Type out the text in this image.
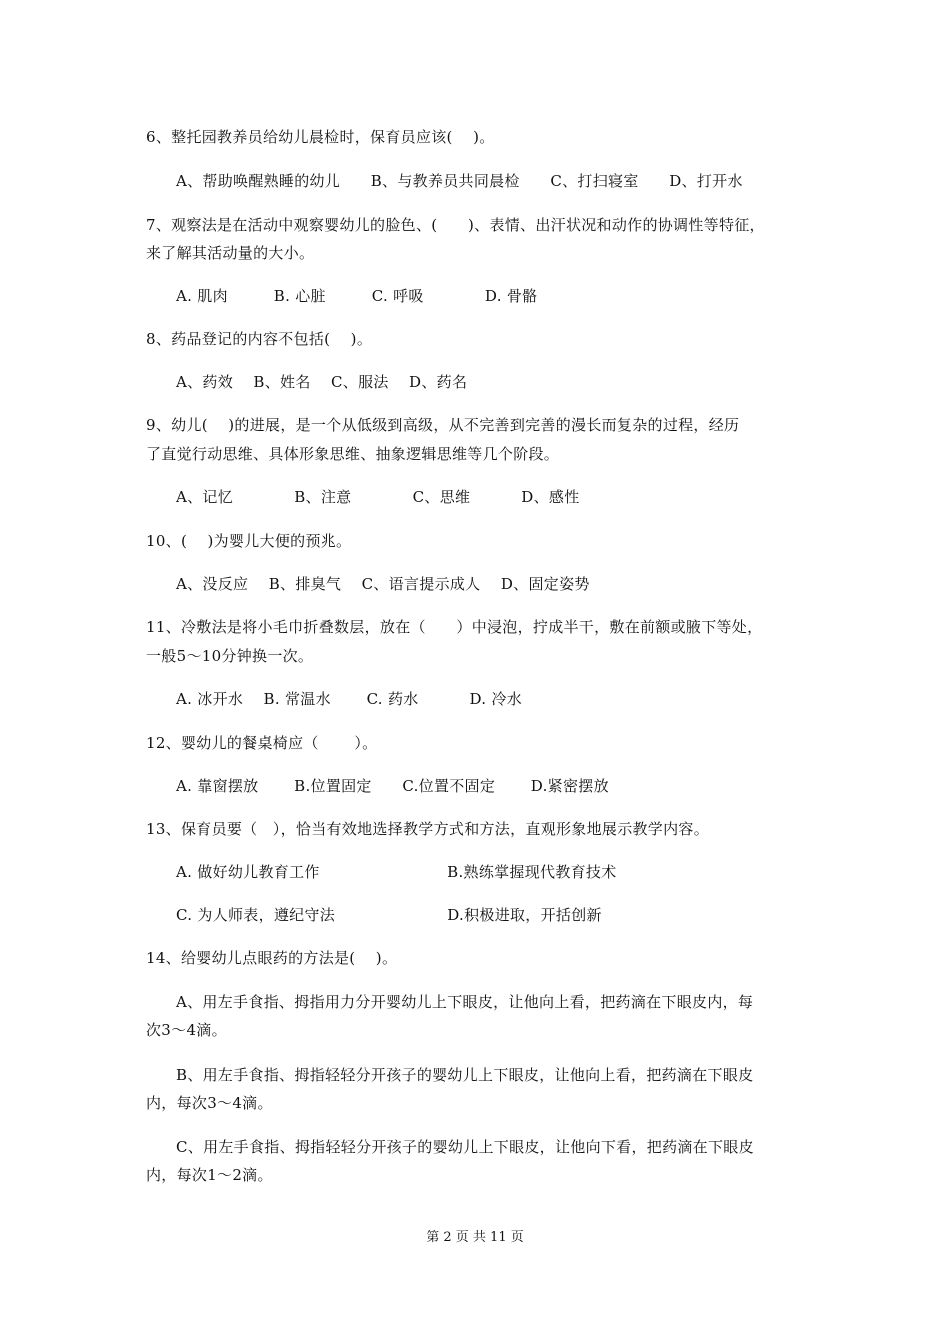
6、整托园教养员给幼儿晨检时，保育员应该(　 )。
A、帮助唤醒熟睡的幼儿　　B、与教养员共同晨检　　C、打扫寝室　　D、打开水
7、观察法是在活动中观察婴幼儿的脸色、(　　)、表情、出汗状况和动作的协调性等特征，
来了解其活动量的大小。
A. 肌肉　　　B. 心脏　　　C. 呼吸　　　　D. 骨骼
8、药品登记的内容不包括(　 )。
A、药效　 B、姓名　 C、服法　 D、药名
9、幼儿(　 )的进展，是一个从低级到高级，从不完善到完善的漫长而复杂的过程，经历
了直觉行动思维、具体形象思维、抽象逻辑思维等几个阶段。
A、记忆　　　　B、注意　　　　C、思维　　　 D、感性
10、(　 )为婴儿大便的预兆。
A、没反应　 B、排臭气　 C、语言提示成人　 D、固定姿势
11、冷敷法是将小毛巾折叠数层，放在（　　）中浸泡，拧成半干，敷在前额或腋下等处，
一般5～10分钟换一次。
A. 冰开水　 B. 常温水　　 C. 药水　　　 D. 冷水
12、婴幼儿的餐桌椅应（　　 ）。
A. 靠窗摆放　　 B.位置固定　　C.位置不固定　　 D.紧密摆放
13、保育员要（　），恰当有效地选择教学方式和方法，直观形象地展示教学内容。
A. 做好幼儿教育工作　　　　　　　　 B.熟练掌握现代教育技术
C. 为人师表，遵纪守法　　　　　　　 D.积极进取，开括创新
14、给婴幼儿点眼药的方法是(　 )。
A、用左手食指、拇指用力分开婴幼儿上下眼皮，让他向上看，把药滴在下眼皮内，每
次3～4滴。
B、用左手食指、拇指轻轻分开孩子的婴幼儿上下眼皮，让他向上看，把药滴在下眼皮
内，每次3～4滴。
C、用左手食指、拇指轻轻分开孩子的婴幼儿上下眼皮，让他向下看，把药滴在下眼皮
内，每次1～2滴。
第 2 页 共 11 页
